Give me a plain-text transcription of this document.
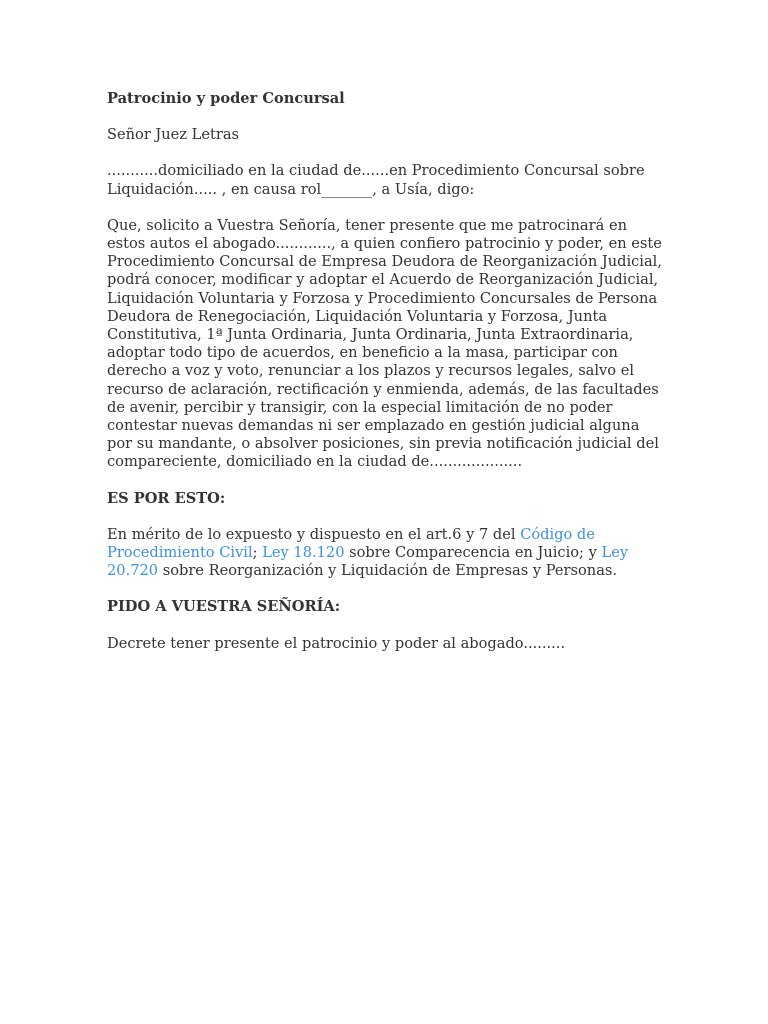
Patrocinio y poder Concursal

Señor Juez Letras

...........domiciliado en la ciudad de......en Procedimiento Concursal sobre Liquidación..... , en causa rol_______, a Usía, digo:

Que, solicito a Vuestra Señoría, tener presente que me patrocinará en estos autos el abogado............, a quien confiero patrocinio y poder, en este Procedimiento Concursal de Empresa Deudora de Reorganización Judicial, podrá conocer, modificar y adoptar el Acuerdo de Reorganización Judicial, Liquidación Voluntaria y Forzosa y Procedimiento Concursales de Persona Deudora de Renegociación, Liquidación Voluntaria y Forzosa, Junta Constitutiva, 1ª Junta Ordinaria, Junta Ordinaria, Junta Extraordinaria, adoptar todo tipo de acuerdos, en beneficio a la masa, participar con derecho a voz y voto, renunciar a los plazos y recursos legales, salvo el recurso de aclaración, rectificación y enmienda, además, de las facultades de avenir, percibir y transigir, con la especial limitación de no poder contestar nuevas demandas ni ser emplazado en gestión judicial alguna por su mandante, o absolver posiciones, sin previa notificación judicial del compareciente, domiciliado en la ciudad de....................

ES POR ESTO:

En mérito de lo expuesto y dispuesto en el art.6 y 7 del Código de Procedimiento Civil; Ley 18.120 sobre Comparecencia en Juicio; y Ley 20.720 sobre Reorganización y Liquidación de Empresas y Personas.

PIDO A VUESTRA SEÑORÍA:

Decrete tener presente el patrocinio y poder al abogado.........
